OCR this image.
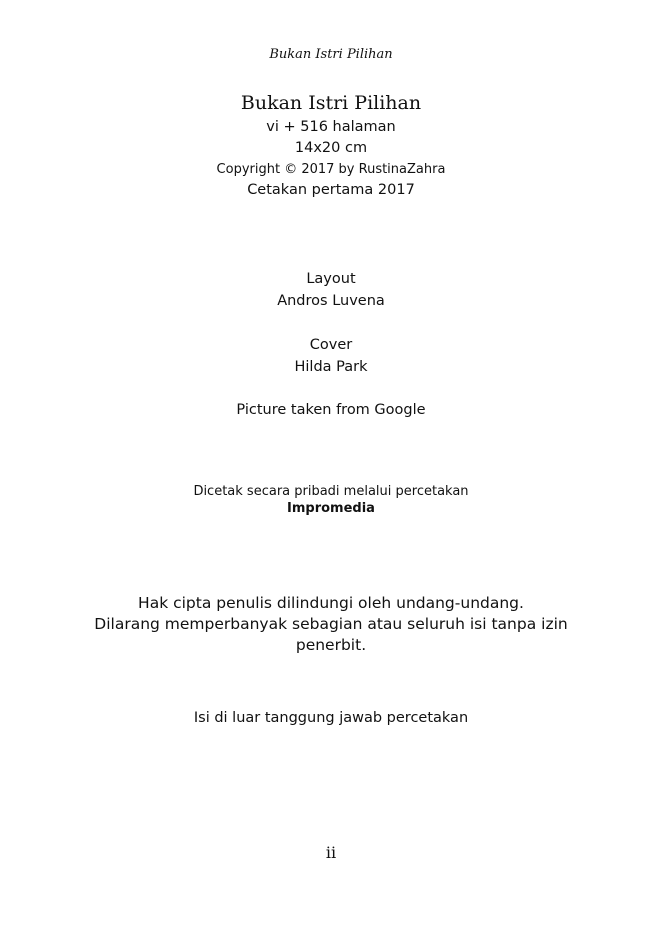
Bukan Istri Pilihan
Bukan Istri Pilihan
vi + 516 halaman
14x20 cm
Copyright © 2017 by RustinaZahra
Cetakan pertama 2017
Layout
Andros Luvena
Cover
Hilda Park
Picture taken from Google
Dicetak secara pribadi melalui percetakan
Impromedia
Hak cipta penulis dilindungi oleh undang-undang.
Dilarang memperbanyak sebagian atau seluruh isi tanpa izin
penerbit.
Isi di luar tanggung jawab percetakan
ii
